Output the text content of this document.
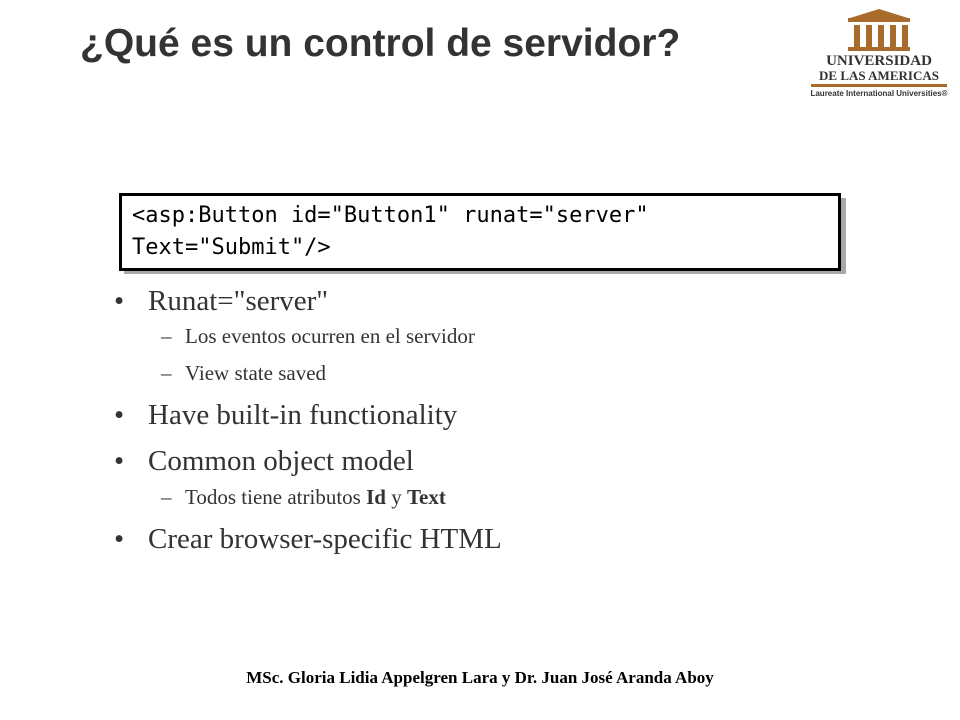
¿Qué es un control de servidor?	UNIVERSIDAD
DE LAS AMERICAS
Laureate International Universities®
<asp:Button id="Button1" runat="server"
Text="Submit"/>
• Runat="server"
– Los eventos ocurren en el servidor
– View state saved
• Have built-in functionality
• Common object model
– Todos tiene atributos Id y Text
• Crear browser-specific HTML
MSc. Gloria Lidia Appelgren Lara y Dr. Juan José Aranda Aboy
